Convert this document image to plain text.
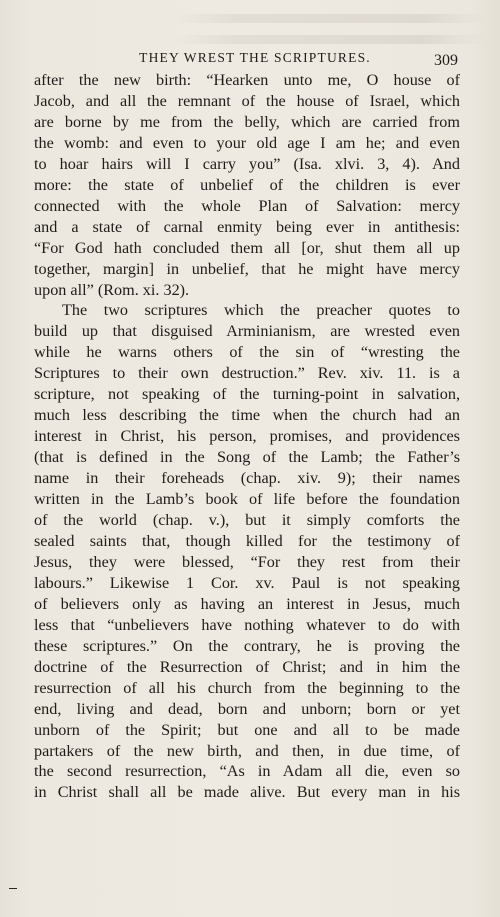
THEY WREST THE SCRIPTURES.	309
after the new birth: “Hearken unto me, O house of
Jacob, and all the remnant of the house of Israel, which
are borne by me from the belly, which are carried from
the womb: and even to your old age I am he; and even
to hoar hairs will I carry you” (Isa. xlvi. 3, 4). And
more: the state of unbelief of the children is ever
connected with the whole Plan of Salvation: mercy
and a state of carnal enmity being ever in antithesis:
“For God hath concluded them all [or, shut them all up
together, margin] in unbelief, that he might have mercy
upon all” (Rom. xi. 32).
The two scriptures which the preacher quotes to
build up that disguised Arminianism, are wrested even
while he warns others of the sin of “wresting the
Scriptures to their own destruction.” Rev. xiv. 11. is a
scripture, not speaking of the turning-point in salvation,
much less describing the time when the church had an
interest in Christ, his person, promises, and providences
(that is defined in the Song of the Lamb; the Father’s
name in their foreheads (chap. xiv. 9); their names
written in the Lamb’s book of life before the foundation
of the world (chap. v.), but it simply comforts the
sealed saints that, though killed for the testimony of
Jesus, they were blessed, “For they rest from their
labours.” Likewise 1 Cor. xv. Paul is not speaking
of believers only as having an interest in Jesus, much
less that “unbelievers have nothing whatever to do with
these scriptures.” On the contrary, he is proving the
doctrine of the Resurrection of Christ; and in him the
resurrection of all his church from the beginning to the
end, living and dead, born and unborn; born or yet
unborn of the Spirit; but one and all to be made
partakers of the new birth, and then, in due time, of
the second resurrection, “As in Adam all die, even so
in Christ shall all be made alive. But every man in his
